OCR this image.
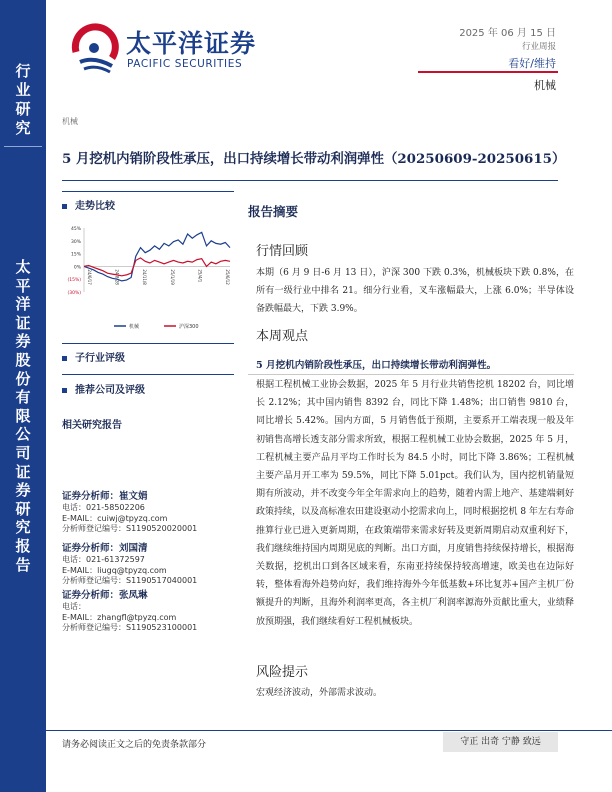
行
业
研
究
太
平
洋
证
券
股
份
有
限
公
司
证
券
研
究
报
告
太平洋证券
PACIFIC SECURITIES
2025 年 06 月 15 日
行业周报
看好/维持
机械
机械
5 月挖机内销阶段性承压，出口持续增长带动利润弹性（20250609-20250615）
走势比较
45%
30%
15%
0%
(15%)
(30%)
24/6/17	24/8/28	24/11/8	25/1/19	25/4/1	25/6/12
机械	沪深300
子行业评级
推荐公司及评级
相关研究报告
证券分析师：崔文娟
电话：021-58502206
E-MAIL：cuiwj@tpyzq.com
分析师登记编号：S1190520020001
证券分析师：刘国清
电话：021-61372597
E-MAIL：liugq@tpyzq.com
分析师登记编号：S1190517040001
证券分析师：张凤琳
电话：
E-MAIL：zhangfl@tpyzq.com
分析师登记编号：S1190523100001
报告摘要
行情回顾
本期（6 月 9 日-6 月 13 日），沪深 300 下跌 0.3%，机械板块下跌 0.8%，在所有一级行业中排名 21。细分行业看，叉车涨幅最大，上涨 6.0%；半导体设备跌幅最大，下跌 3.9%。
本周观点
5 月挖机内销阶段性承压，出口持续增长带动利润弹性。
根据工程机械工业协会数据，2025 年 5 月行业共销售挖机 18202 台，同比增长 2.12%；其中国内销售 8392 台，同比下降 1.48%；出口销售 9810 台，同比增长 5.42%。国内方面，5 月销售低于预期，主要系开工端表现一般及年初销售高增长透支部分需求所致，根据工程机械工业协会数据，2025 年 5 月，工程机械主要产品月平均工作时长为 84.5 小时，同比下降 3.86%；工程机械主要产品月开工率为 59.5%，同比下降 5.01pct。我们认为，国内挖机销量短期有所波动，并不改变今年全年需求向上的趋势，随着内需上地产、基建端刺好政策持续，以及高标准农田建设驱动小挖需求向上，同时根据挖机 8 年左右寿命推算行业已进入更新周期，在政策端带来需求好转及更新周期启动双重利好下，我们继续维持国内周期见底的判断。出口方面，月度销售持续保持增长，根据海关数据，挖机出口到各区域来看，东南亚持续保持较高增速，欧美也在边际好转，整体看海外趋势向好，我们维持海外今年低基数+环比复苏+国产主机厂份额提升的判断，且海外利润率更高，各主机厂利润率源海外贡献比重大，业绩释放预期强，我们继续看好工程机械板块。
风险提示
宏观经济波动，外部需求波动。
请务必阅读正文之后的免责条款部分	守正 出奇 宁静 致远
